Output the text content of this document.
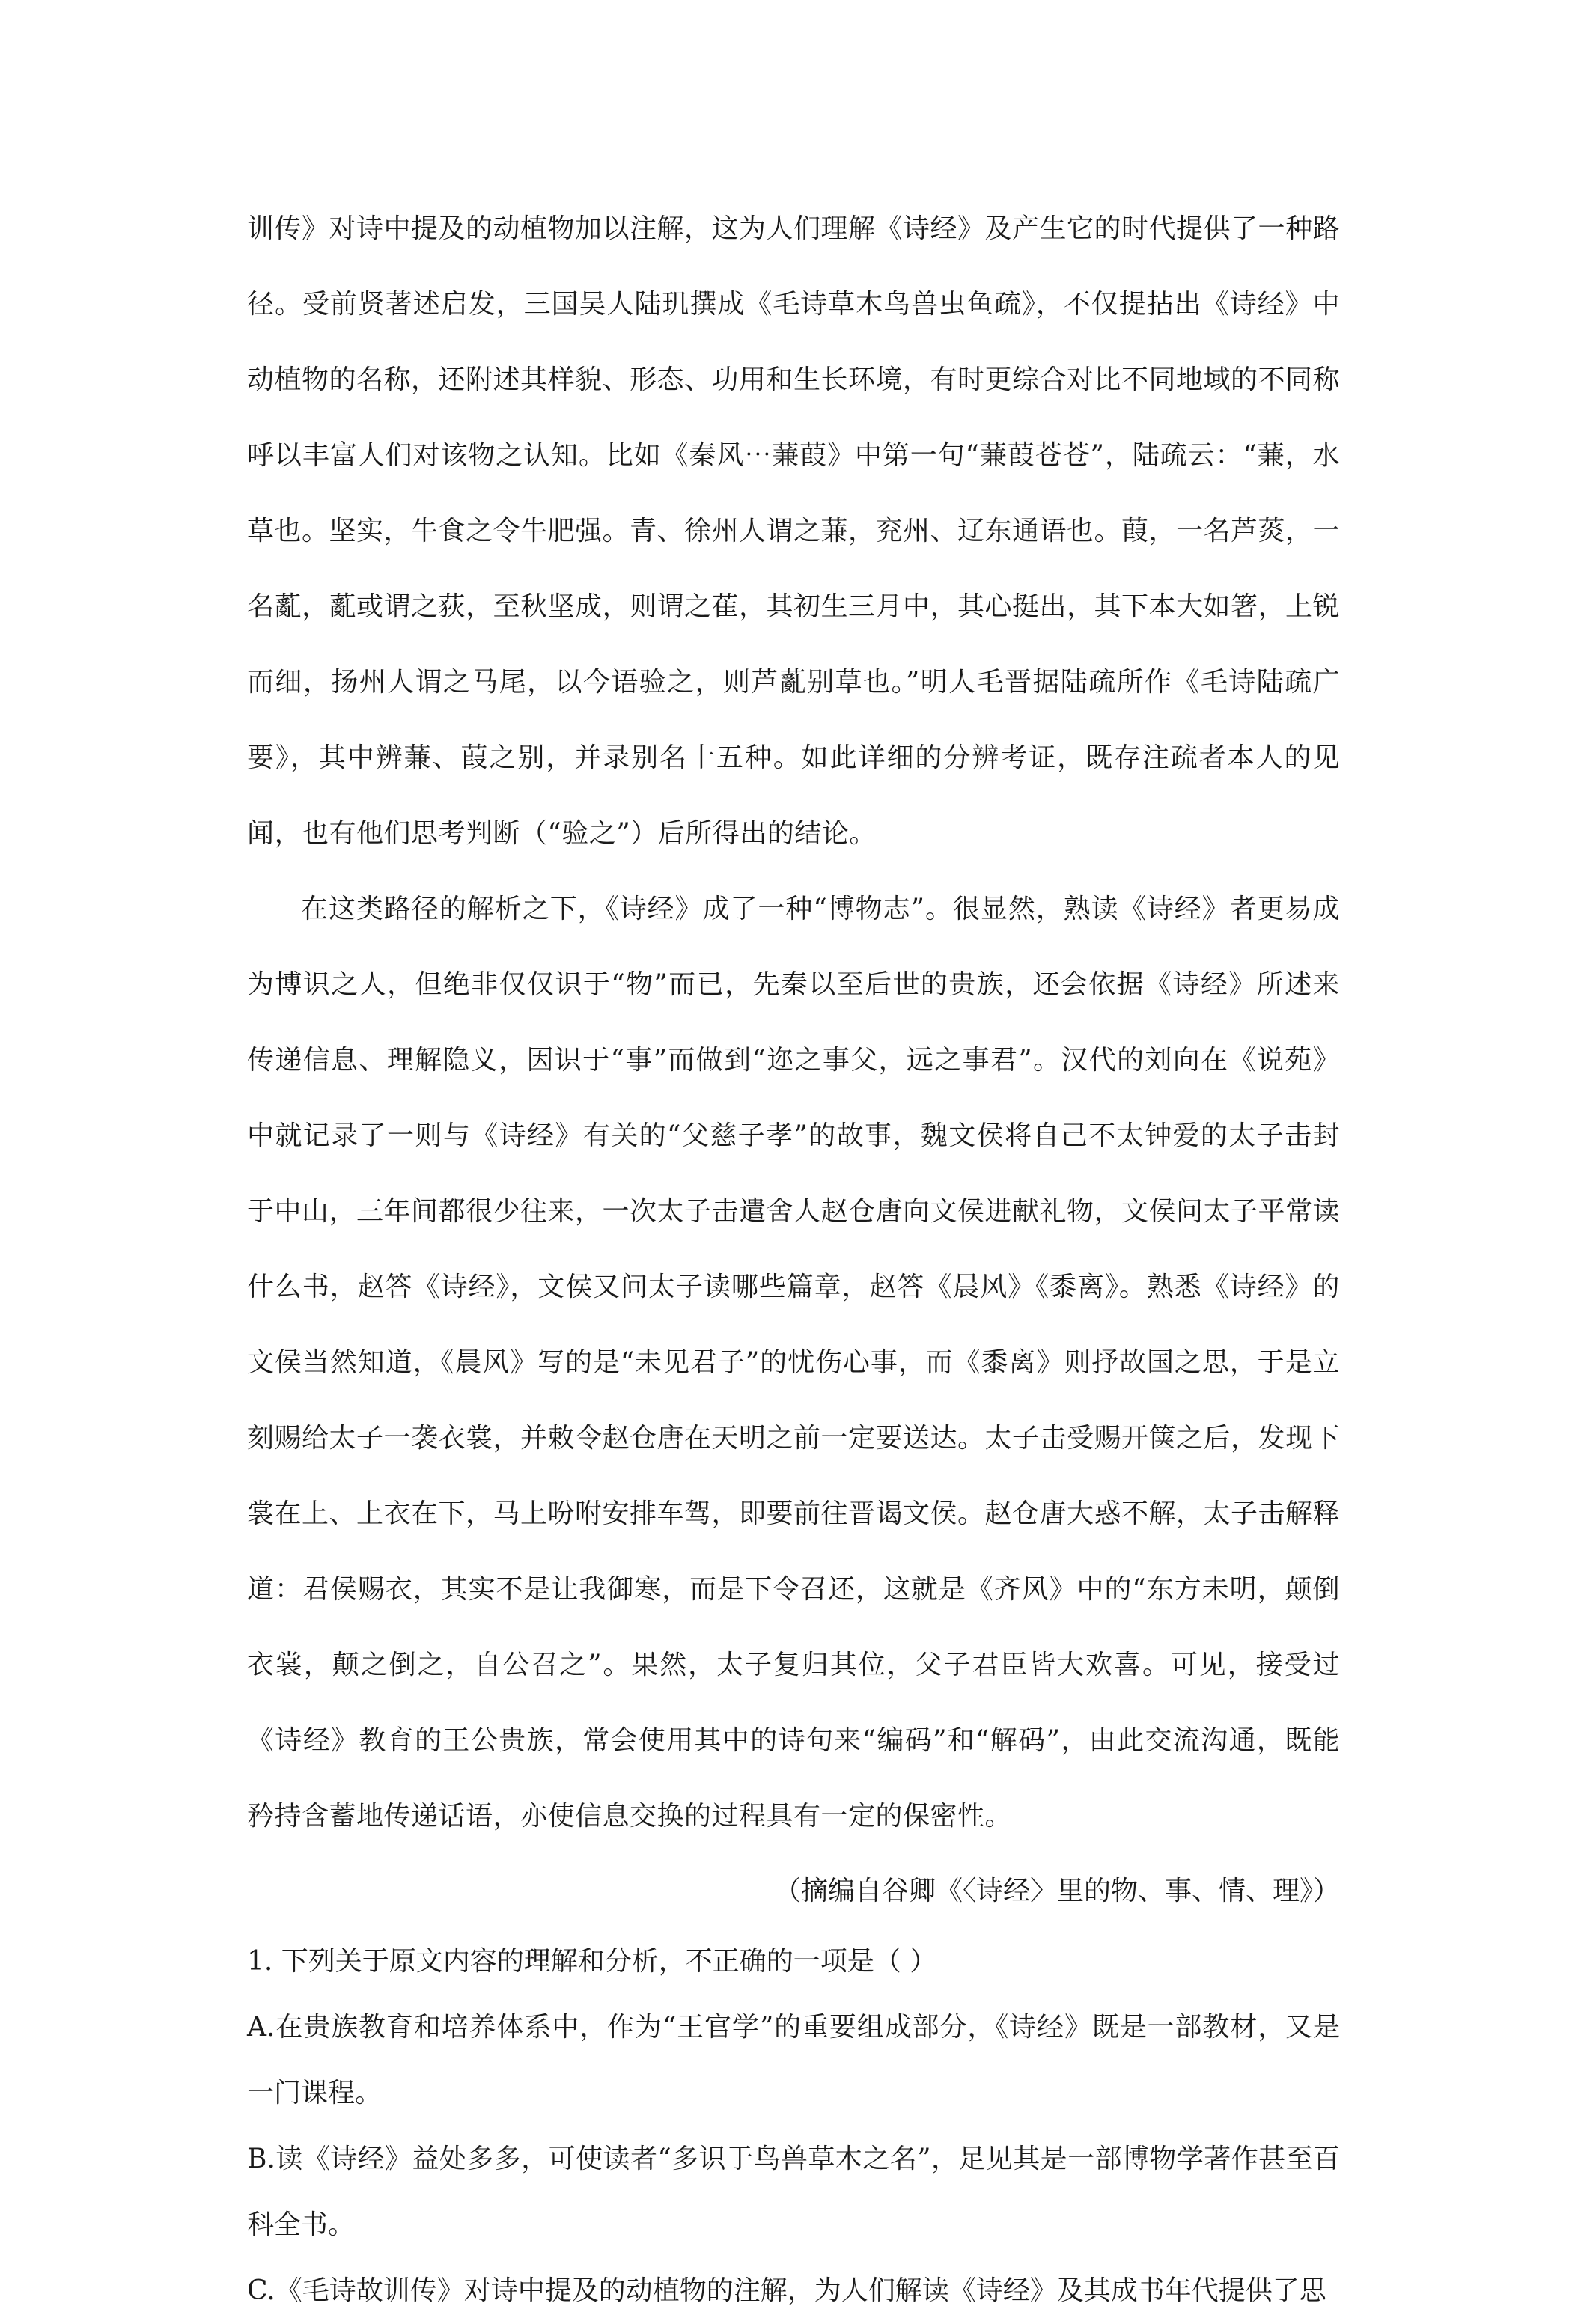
训传》对诗中提及的动植物加以注解，这为人们理解《诗经》及产生它的时代提供了一种路径。受前贤著述启发，三国吴人陆玑撰成《毛诗草木鸟兽虫鱼疏》，不仅提拈出《诗经》中动植物的名称，还附述其样貌、形态、功用和生长环境，有时更综合对比不同地域的不同称呼以丰富人们对该物之认知。比如《秦风⋯蒹葭》中第一句“蒹葭苍苍”，陆疏云：“蒹，水草也。坚实，牛食之令牛肥强。青、徐州人谓之蒹，兖州、辽东通语也。葭，一名芦菼，一名薍，薍或谓之荻，至秋坚成，则谓之萑，其初生三月中，其心挺出，其下本大如箸，上锐而细，扬州人谓之马尾，以今语验之，则芦薍别草也。”明人毛晋据陆疏所作《毛诗陆疏广要》，其中辨蒹、葭之别，并录别名十五种。如此详细的分辨考证，既存注疏者本人的见闻，也有他们思考判断（“验之”）后所得出的结论。

在这类路径的解析之下，《诗经》成了一种“博物志”。很显然，熟读《诗经》者更易成为博识之人，但绝非仅仅识于“物”而已，先秦以至后世的贵族，还会依据《诗经》所述来传递信息、理解隐义，因识于“事”而做到“迩之事父，远之事君”。汉代的刘向在《说苑》中就记录了一则与《诗经》有关的“父慈子孝”的故事，魏文侯将自己不太钟爱的太子击封于中山，三年间都很少往来，一次太子击遣舍人赵仓唐向文侯进献礼物，文侯问太子平常读什么书，赵答《诗经》，文侯又问太子读哪些篇章，赵答《晨风》《黍离》。熟悉《诗经》的文侯当然知道，《晨风》写的是“未见君子”的忧伤心事，而《黍离》则抒故国之思，于是立刻赐给太子一袭衣裳，并敕令赵仓唐在天明之前一定要送达。太子击受赐开箧之后，发现下裳在上、上衣在下，马上吩咐安排车驾，即要前往晋谒文侯。赵仓唐大惑不解，太子击解释道：君侯赐衣，其实不是让我御寒，而是下令召还，这就是《齐风》中的“东方未明，颠倒衣裳，颠之倒之，自公召之”。果然，太子复归其位，父子君臣皆大欢喜。可见，接受过《诗经》教育的王公贵族，常会使用其中的诗句来“编码”和“解码”，由此交流沟通，既能矜持含蓄地传递话语，亦使信息交换的过程具有一定的保密性。

（摘编自谷卿《〈诗经〉里的物、事、情、理》）

1. 下列关于原文内容的理解和分析，不正确的一项是（ ）

A.在贵族教育和培养体系中，作为“王官学”的重要组成部分，《诗经》既是一部教材，又是一门课程。

B.读《诗经》益处多多，可使读者“多识于鸟兽草木之名”，足见其是一部博物学著作甚至百科全书。

C.《毛诗故训传》对诗中提及的动植物的注解，为人们解读《诗经》及其成书年代提供了思
